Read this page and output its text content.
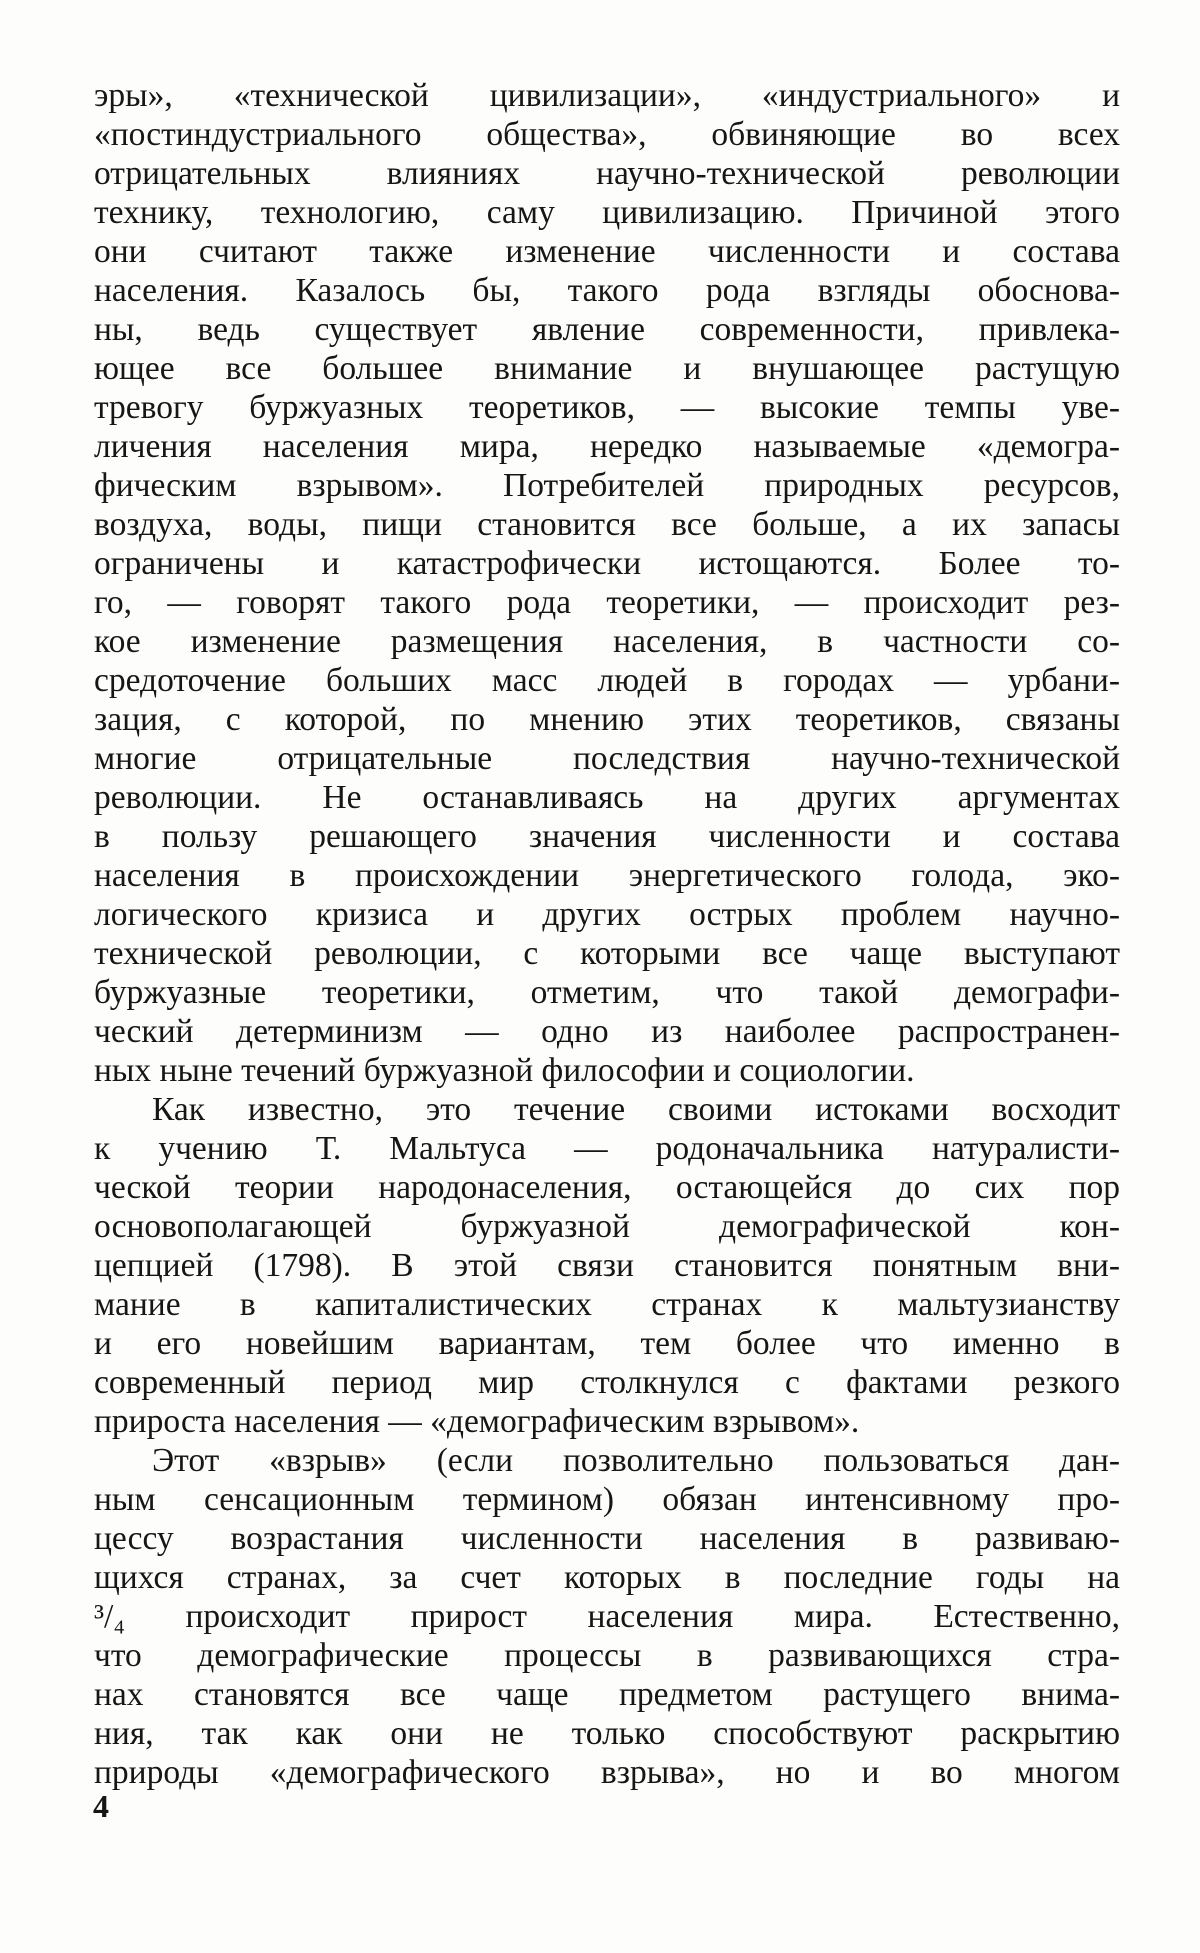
эры», «технической цивилизации», «индустриального» и
«постиндустриального общества», обвиняющие во всех
отрицательных влияниях научно-технической революции
технику, технологию, саму цивилизацию. Причиной этого
они считают также изменение численности и состава
населения. Казалось бы, такого рода взгляды обоснова-
ны, ведь существует явление современности, привлека-
ющее все большее внимание и внушающее растущую
тревогу буржуазных теоретиков, — высокие темпы уве-
личения населения мира, нередко называемые «демогра-
фическим взрывом». Потребителей природных ресурсов,
воздуха, воды, пищи становится все больше, а их запасы
ограничены и катастрофически истощаются. Более то-
го, — говорят такого рода теоретики, — происходит рез-
кое изменение размещения населения, в частности со-
средоточение больших масс людей в городах — урбани-
зация, с которой, по мнению этих теоретиков, связаны
многие отрицательные последствия научно-технической
революции. Не останавливаясь на других аргументах
в пользу решающего значения численности и состава
населения в происхождении энергетического голода, эко-
логического кризиса и других острых проблем научно-
технической революции, с которыми все чаще выступают
буржуазные теоретики, отметим, что такой демографи-
ческий детерминизм — одно из наиболее распространен-
ных ныне течений буржуазной философии и социологии.
Как известно, это течение своими истоками восходит
к учению Т. Мальтуса — родоначальника натуралисти-
ческой теории народонаселения, остающейся до сих пор
основополагающей буржуазной демографической кон-
цепцией (1798). В этой связи становится понятным вни-
мание в капиталистических странах к мальтузианству
и его новейшим вариантам, тем более что именно в
современный период мир столкнулся с фактами резкого
прироста населения — «демографическим взрывом».
Этот «взрыв» (если позволительно пользоваться дан-
ным сенсационным термином) обязан интенсивному про-
цессу возрастания численности населения в развиваю-
щихся странах, за счет которых в последние годы на
³/₄ происходит прирост населения мира. Естественно,
что демографические процессы в развивающихся стра-
нах становятся все чаще предметом растущего внима-
ния, так как они не только способствуют раскрытию
природы «демографического взрыва», но и во многом
4
